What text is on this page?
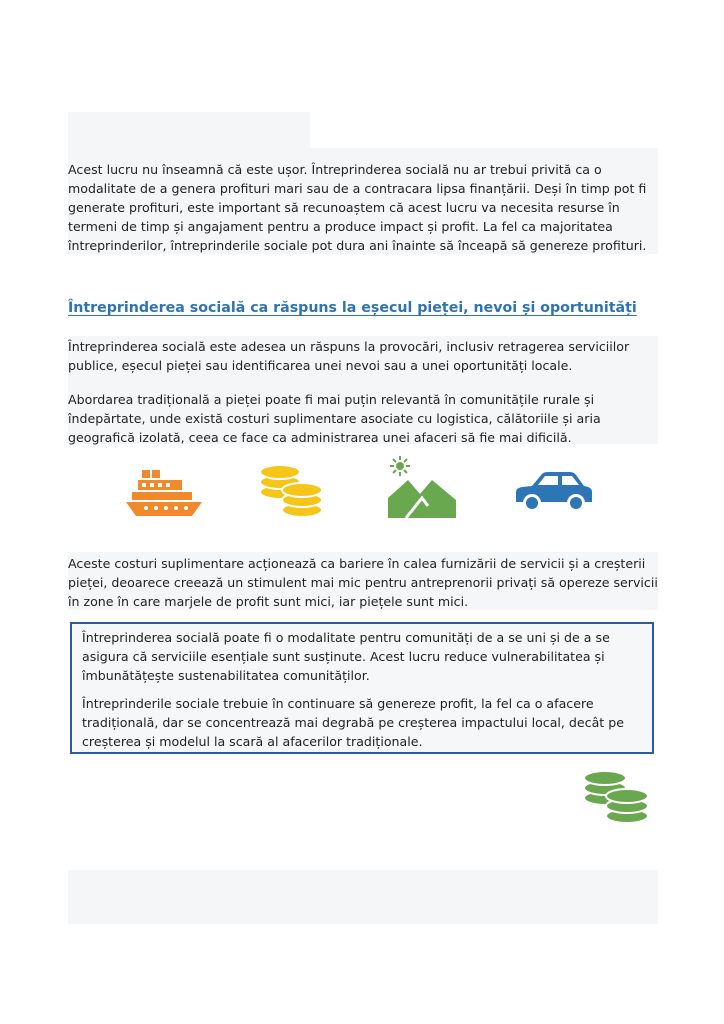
Acest lucru nu înseamnă că este ușor. Întreprinderea socială nu ar trebui privită ca o modalitate de a genera profituri mari sau de a contracara lipsa finanțării. Deși în timp pot fi generate profituri, este important să recunoaștem că acest lucru va necesita resurse în termeni de timp și angajament pentru a produce impact și profit. La fel ca majoritatea întreprinderilor, întreprinderile sociale pot dura ani înainte să înceapă să genereze profituri.

Întreprinderea socială ca răspuns la eșecul pieței, nevoi și oportunități

Întreprinderea socială este adesea un răspuns la provocări, inclusiv retragerea serviciilor publice, eșecul pieței sau identificarea unei nevoi sau a unei oportunități locale.

Abordarea tradițională a pieței poate fi mai puțin relevantă în comunitățile rurale și îndepărtate, unde există costuri suplimentare asociate cu logistica, călătoriile și aria geografică izolată, ceea ce face ca administrarea unei afaceri să fie mai dificilă.

Aceste costuri suplimentare acționează ca bariere în calea furnizării de servicii și a creșterii pieței, deoarece creează un stimulent mai mic pentru antreprenorii privați să opereze servicii în zone în care marjele de profit sunt mici, iar piețele sunt mici.

Întreprinderea socială poate fi o modalitate pentru comunități de a se uni și de a se asigura că serviciile esențiale sunt susținute. Acest lucru reduce vulnerabilitatea și îmbunătățește sustenabilitatea comunităților.

Întreprinderile sociale trebuie în continuare să genereze profit, la fel ca o afacere tradițională, dar se concentrează mai degrabă pe creșterea impactului local, decât pe creșterea și modelul la scară al afacerilor tradiționale.
